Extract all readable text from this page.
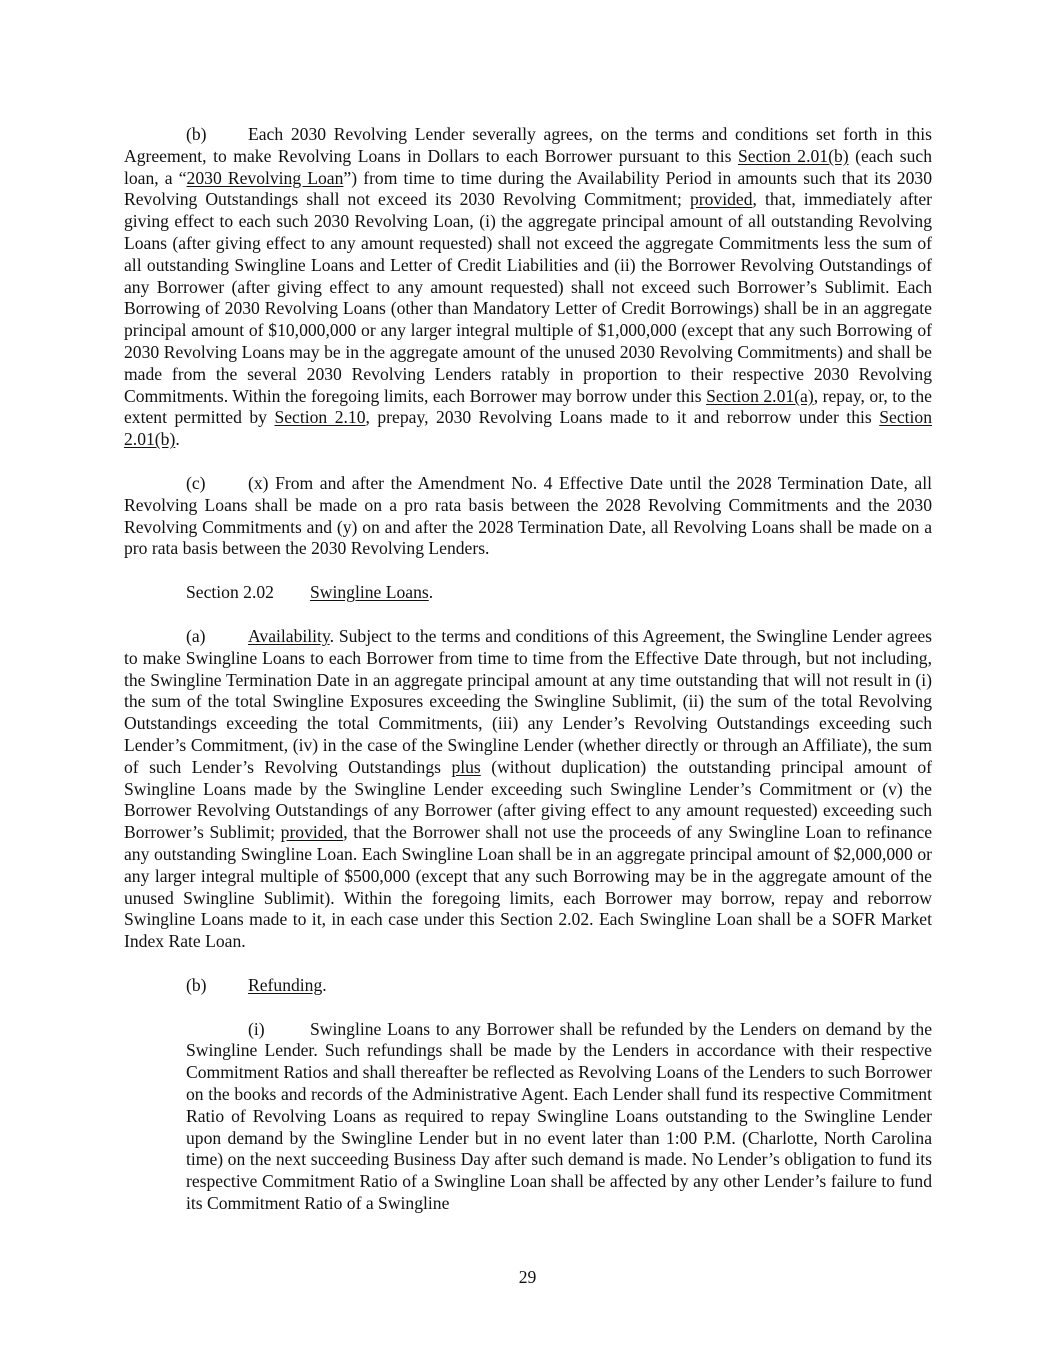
(b) Each 2030 Revolving Lender severally agrees, on the terms and conditions set forth in this Agreement, to make Revolving Loans in Dollars to each Borrower pursuant to this Section 2.01(b) (each such loan, a “2030 Revolving Loan”) from time to time during the Availability Period in amounts such that its 2030 Revolving Outstandings shall not exceed its 2030 Revolving Commitment; provided, that, immediately after giving effect to each such 2030 Revolving Loan, (i) the aggregate principal amount of all outstanding Revolving Loans (after giving effect to any amount requested) shall not exceed the aggregate Commitments less the sum of all outstanding Swingline Loans and Letter of Credit Liabilities and (ii) the Borrower Revolving Outstandings of any Borrower (after giving effect to any amount requested) shall not exceed such Borrower’s Sublimit. Each Borrowing of 2030 Revolving Loans (other than Mandatory Letter of Credit Borrowings) shall be in an aggregate principal amount of $10,000,000 or any larger integral multiple of $1,000,000 (except that any such Borrowing of 2030 Revolving Loans may be in the aggregate amount of the unused 2030 Revolving Commitments) and shall be made from the several 2030 Revolving Lenders ratably in proportion to their respective 2030 Revolving Commitments. Within the foregoing limits, each Borrower may borrow under this Section 2.01(a), repay, or, to the extent permitted by Section 2.10, prepay, 2030 Revolving Loans made to it and reborrow under this Section 2.01(b).

(c) (x) From and after the Amendment No. 4 Effective Date until the 2028 Termination Date, all Revolving Loans shall be made on a pro rata basis between the 2028 Revolving Commitments and the 2030 Revolving Commitments and (y) on and after the 2028 Termination Date, all Revolving Loans shall be made on a pro rata basis between the 2030 Revolving Lenders.

Section 2.02 Swingline Loans.

(a) Availability. Subject to the terms and conditions of this Agreement, the Swingline Lender agrees to make Swingline Loans to each Borrower from time to time from the Effective Date through, but not including, the Swingline Termination Date in an aggregate principal amount at any time outstanding that will not result in (i) the sum of the total Swingline Exposures exceeding the Swingline Sublimit, (ii) the sum of the total Revolving Outstandings exceeding the total Commitments, (iii) any Lender’s Revolving Outstandings exceeding such Lender’s Commitment, (iv) in the case of the Swingline Lender (whether directly or through an Affiliate), the sum of such Lender’s Revolving Outstandings plus (without duplication) the outstanding principal amount of Swingline Loans made by the Swingline Lender exceeding such Swingline Lender’s Commitment or (v) the Borrower Revolving Outstandings of any Borrower (after giving effect to any amount requested) exceeding such Borrower’s Sublimit; provided, that the Borrower shall not use the proceeds of any Swingline Loan to refinance any outstanding Swingline Loan. Each Swingline Loan shall be in an aggregate principal amount of $2,000,000 or any larger integral multiple of $500,000 (except that any such Borrowing may be in the aggregate amount of the unused Swingline Sublimit). Within the foregoing limits, each Borrower may borrow, repay and reborrow Swingline Loans made to it, in each case under this Section 2.02. Each Swingline Loan shall be a SOFR Market Index Rate Loan.

(b) Refunding.

(i)	Swingline Loans to any Borrower shall be refunded by the Lenders on demand by the Swingline Lender. Such refundings shall be made by the Lenders in accordance with their respective Commitment Ratios and shall thereafter be reflected as Revolving Loans of the Lenders to such Borrower on the books and records of the Administrative Agent. Each Lender shall fund its respective Commitment Ratio of Revolving Loans as required to repay Swingline Loans outstanding to the Swingline Lender upon demand by the Swingline Lender but in no event later than 1:00 P.M. (Charlotte, North Carolina time) on the next succeeding Business Day after such demand is made. No Lender’s obligation to fund its respective Commitment Ratio of a Swingline Loan shall be affected by any other Lender’s failure to fund its Commitment Ratio of a Swingline

29
